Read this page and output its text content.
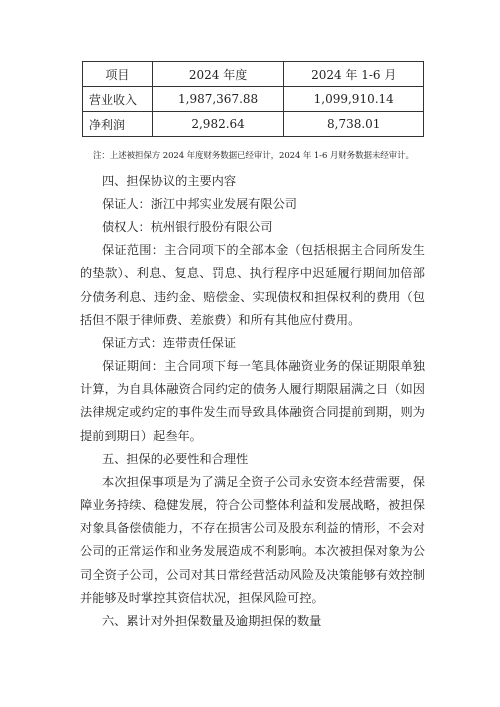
项目	2024 年度	2024 年 1-6 月
营业收入	1,987,367.88	1,099,910.14
净利润	2,982.64	8,738.01
注：上述被担保方 2024 年度财务数据已经审计，2024 年 1-6 月财务数据未经审计。
四、担保协议的主要内容
保证人：浙江中邦实业发展有限公司
债权人：杭州银行股份有限公司
保证范围：主合同项下的全部本金（包括根据主合同所发生
的垫款）、利息、复息、罚息、执行程序中迟延履行期间加倍部
分债务利息、违约金、赔偿金、实现债权和担保权利的费用（包
括但不限于律师费、差旅费）和所有其他应付费用。
保证方式：连带责任保证
保证期间：主合同项下每一笔具体融资业务的保证期限单独
计算，为自具体融资合同约定的债务人履行期限届满之日（如因
法律规定或约定的事件发生而导致具体融资合同提前到期，则为
提前到期日）起叁年。
五、担保的必要性和合理性
本次担保事项是为了满足全资子公司永安资本经营需要，保
障业务持续、稳健发展，符合公司整体利益和发展战略，被担保
对象具备偿债能力，不存在损害公司及股东利益的情形，不会对
公司的正常运作和业务发展造成不利影响。本次被担保对象为公
司全资子公司，公司对其日常经营活动风险及决策能够有效控制
并能够及时掌控其资信状况，担保风险可控。
六、累计对外担保数量及逾期担保的数量
